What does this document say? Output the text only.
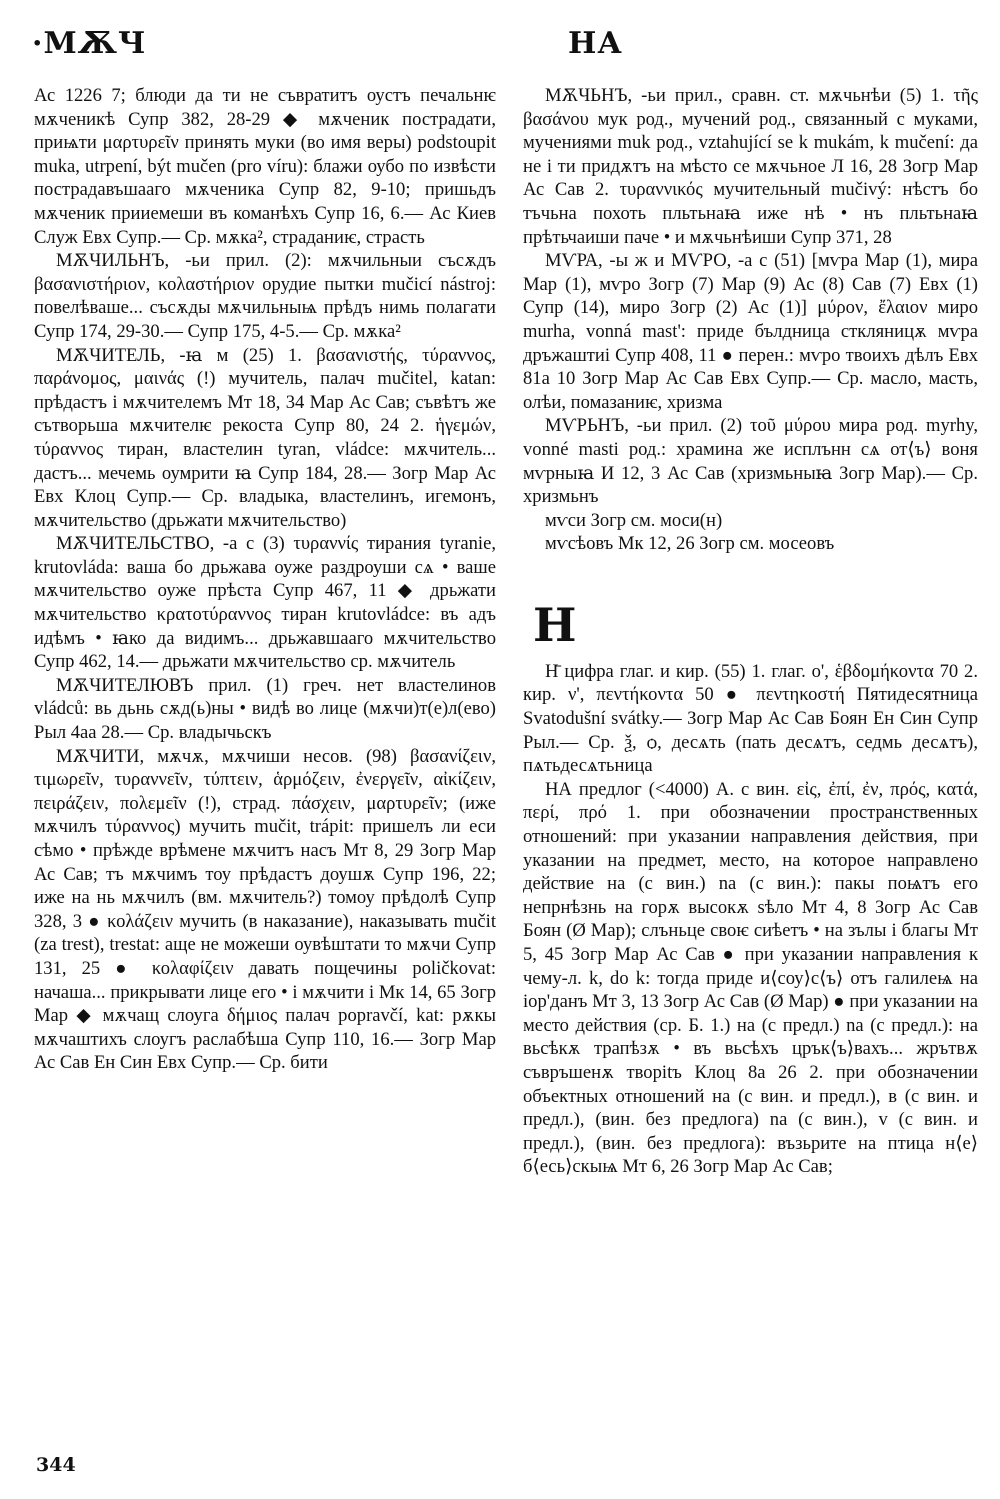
·МѪЧ	НА

Ас 1226 7; блюди да ти не съвратитъ оустъ печальнѥ мѫченикѣ Супр 382, 28-29 ◆ мѫченик пострадати, приѩти μαρτυρεῖν принять муки (во имя веры) podstoupit muka, utrpení, být mučen (pro víru): блажи оубо по извѣсти пострадавъшааго мѫченика Супр 82, 9-10; пришьдъ мѫченик прииeмеши въ команѣхъ Супр 16, 6.— Ас Киев Служ Евх Супр.— Ср. мѫка², страданиѥ, страсть

МѪЧИЛЬНЪ, -ьи прил. (2): мѫчильныи съсѫдъ βασανιστήριον, κολαστήριον орудие пытки mučicí nástroj: повелѣваше... съсѫды мѫчильныѩ прѣдъ нимь полагати Супр 174, 29-30.— Супр 175, 4-5.— Ср. мѫка²

МѪЧИТЕЛЬ, -ꙗ м (25) 1. βασανιστής, τύραννος, παράνομος, μαινάς (!) мучитель, палач mučitel, katan: прѣдастъ i мѫчителемъ Мт 18, 34 Мар Ас Сав; съвѣтъ же сътворьша мѫчителѥ рекоста Супр 80, 24 2. ἡγεμών, τύραννος тиран, властелин tyran, vládce: мѫчитель... дастъ... мечемь оумрити ꙗ Супр 184, 28.— Зогр Мар Ас Евх Клоц Супр.— Ср. владыка, властелинъ, игемонъ, мѫчительство (дрьжати мѫчительство)

МѪЧИТЕЛЬСТВО, -а с (3) τυραννίς тирания tyranie, krutovláda: ваша бо дрьжава оуже раздроуши сѧ • ваше мѫчительство оуже прѣста Супр 467, 11 ◆ дрьжати мѫчительство κρατοτύραννος тиран krutovládce: въ адъ идѣмъ • ꙗко да видимъ... дрьжавшааго мѫчительство Супр 462, 14.— дрьжати мѫчительство ср. мѫчитель

МѪЧИТЕЛЮВЪ прил. (1) греч. нет властелинов vládců: вь дьнь сѫд(ь)ны • видѣ во лице (мѫчи)т(е)л(ево) Рыл 4аа 28.— Ср. владычьскъ

МѪЧИТИ, мѫчѫ, мѫчиши несов. (98) βασανίζειν, τιμωρεῖν, τυραννεῖν, τύπτειν, ἁρμόζειν, ἐνεργεῖν, αἰκίζειν, πειράζειν, πολεμεῖν (!), страд. πάσχειν, μαρτυρεῖν; (иже мѫчилъ τύραννος) мучить mučit, trápit: пришелъ ли еси сѣмо • прѣжде врѣмене мѫчитъ насъ Мт 8, 29 Зогр Мар Ас Сав; тъ мѫчимъ тоу прѣдастъ доушѫ Супр 196, 22; иже на нь мѫчилъ (вм. мѫчитель?) томоу прѣдолѣ Супр 328, 3 ● κολάζειν мучить (в наказание), наказывать mučit (za trest), trestat: аще не можеши оувѣштати то мѫчи Супр 131, 25 ● κολαφίζειν давать пощечины poličkovat: начаша... прикрывати лице его • i мѫчити i Мк 14, 65 Зогр Мар ◆ мѫчащ слоуга δήμιος палач popravčí, kat: рѫкы мѫчаштихъ слоугъ раслабѣша Супр 110, 16.— Зогр Мар Ас Сав Ен Син Евх Супр.— Ср. бити

МѪЧЬНЪ, -ьи прил., сравн. ст. мѫчьнѣи (5) 1. τῆς βασάνου мук род., мучений род., связанный с муками, мучениями muk род., vztahující se k mukám, k mučení: да не i ти придѫтъ на мѣсто се мѫчьное Л 16, 28 Зогр Мар Ас Сав 2. τυραννικός мучительный mučivý: нѣстъ бо тъчьна похоть пльтьнаꙗ иже нѣ • нъ пльтьнаꙗ прѣтьчаиши паче • и мѫчьнѣиши Супр 371, 28

МѴРА, -ы ж и МѴРО, -а с (51) [мѵра Мар (1), мира Мар (1), мѵро Зогр (7) Мар (9) Ас (8) Сав (7) Евх (1) Супр (14), миро Зогр (2) Ас (1)] μύρον, ἔλαιον миро murha, vonná mast': приде бълдница сткляницѫ мѵра дръжаштиi Супр 408, 11 ● перен.: мѵро твоихъ дѣлъ Евх 81а 10 Зогр Мар Ас Сав Евх Супр.— Ср. масло, масть, олѣи, помазаниѥ, хризма

МѴРЬНЪ, -ьи прил. (2) τοῦ μύρου мира род. myrhy, vonné masti род.: храмина же исплънн сѧ от⟨ъ⟩ воня мѵрныꙗ И 12, 3 Ас Сав (хризмьныꙗ Зогр Мар).— Ср. хризмьнъ

мѵси Зогр см. моси(н)

мѵсѣовъ Мк 12, 26 Зогр см. мосеовъ

Н

Н̄ цифра глаг. и кир. (55) 1. глаг. ο', ἑβδομήκοντα 70 2. кир. ν', πεντήκοντα 50 ● πεντηκοστή Пятидесятница Svatodušní svátky.— Зогр Мар Ас Сав Боян Ен Син Супр Рыл.— Ср. ѯ, ѻ, десѧть (пать десѧтъ, седмь десѧтъ), пѧтьдесѧтьница

НА предлог (<4000) А. с вин. εἰς, ἐπί, ἐν, πρός, κατά, περί, πρό 1. при обозначении пространственных отношений: при указании направления действия, при указании на предмет, место, на которое направлено действие на (с вин.) na (с вин.): пакы поѩтъ его непрнѣзнь на горѫ высокѫ ѕѣло Мт 4, 8 Зогр Ас Сав Боян (Ø Мар); слъньце своѥ сиѣетъ • на зълы i благы Мт 5, 45 Зогр Мар Ас Сав ● при указании направления к чему-л. k, do k: тогда приде и⟨соу⟩с⟨ъ⟩ отъ галилеѩ на iор'данъ Мт 3, 13 Зогр Ас Сав (Ø Мар) ● при указании на место действия (ср. Б. 1.) на (с предл.) na (с предл.): на вьсѣкѫ трапѣзѫ • въ вьсѣхъ црък⟨ъ⟩вахъ... жрътвѫ съвръшенѫ творitъ Клоц 8а 26 2. при обозначении объектных отношений на (с вин. и предл.), в (с вин. и предл.), (вин. без предлога) na (с вин.), v (с вин. и предл.), (вин. без предлога): възьрите на птица н⟨е⟩б⟨есь⟩скыѩ Мт 6, 26 Зогр Мар Ас Сав;

344
